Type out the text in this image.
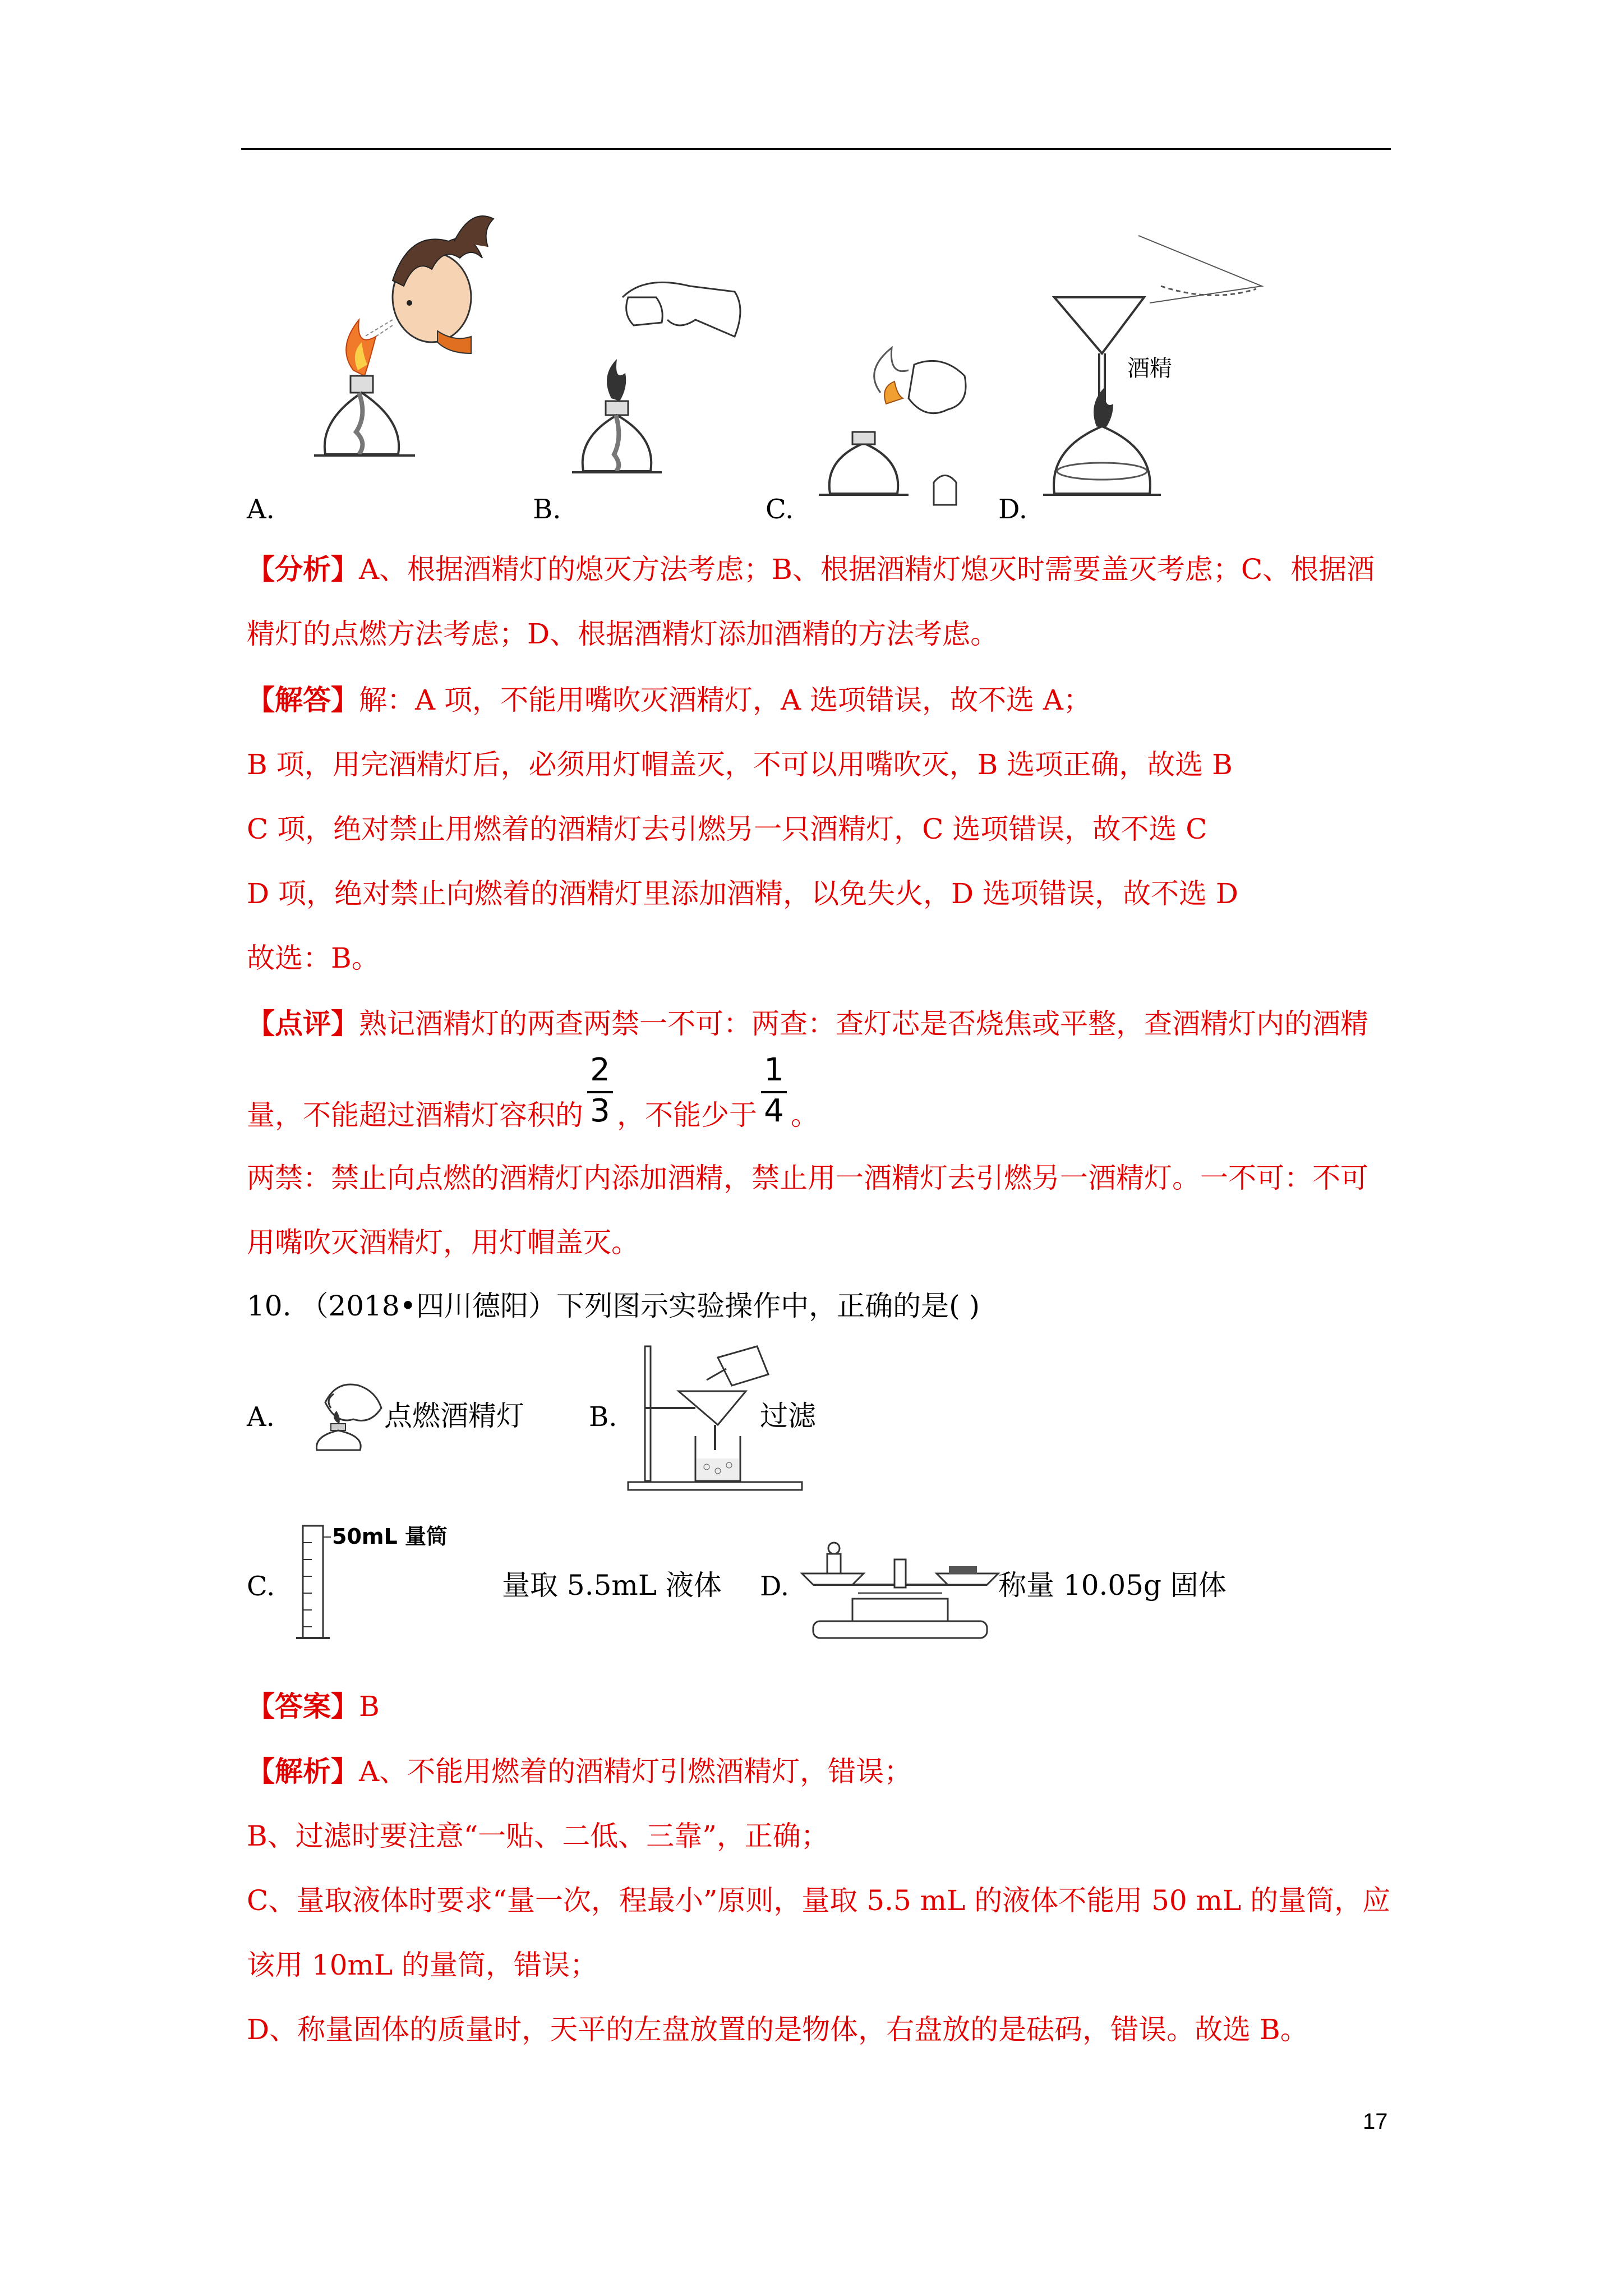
A.	B.	C.
酒精
D.
【分析】A、根据酒精灯的熄灭方法考虑；B、根据酒精灯熄灭时需要盖灭考虑；C、根据酒
精灯的点燃方法考虑；D、根据酒精灯添加酒精的方法考虑。
【解答】解：A 项，不能用嘴吹灭酒精灯，A 选项错误，故不选 A；
B 项，用完酒精灯后，必须用灯帽盖灭，不可以用嘴吹灭，B 选项正确，故选 B
C 项，绝对禁止用燃着的酒精灯去引燃另一只酒精灯，C 选项错误，故不选 C
D 项，绝对禁止向燃着的酒精灯里添加酒精，以免失火，D 选项错误，故不选 D
故选：B。
【点评】熟记酒精灯的两查两禁一不可：两查：查灯芯是否烧焦或平整，查酒精灯内的酒精
量，不能超过酒精灯容积的
2
3 ，不能少于
1
4 。
两禁：禁止向点燃的酒精灯内添加酒精，禁止用一酒精灯去引燃另一酒精灯。一不可：不可
用嘴吹灭酒精灯，用灯帽盖灭。
10. （2018•四川德阳）下列图示实验操作中，正确的是( )
A.	点燃酒精灯 B.	过滤
50mL 量筒
C.	量取 5.5mL 液体 D.	称量 10.05g 固体
【答案】B
【解析】A、不能用燃着的酒精灯引燃酒精灯，错误；
B、过滤时要注意“一贴、二低、三靠”，正确；
C、量取液体时要求“量一次，程最小”原则，量取 5.5 mL 的液体不能用 50 mL 的量筒，应
该用 10mL 的量筒，错误；
D、称量固体的质量时，天平的左盘放置的是物体，右盘放的是砝码，错误。故选 B。
17
